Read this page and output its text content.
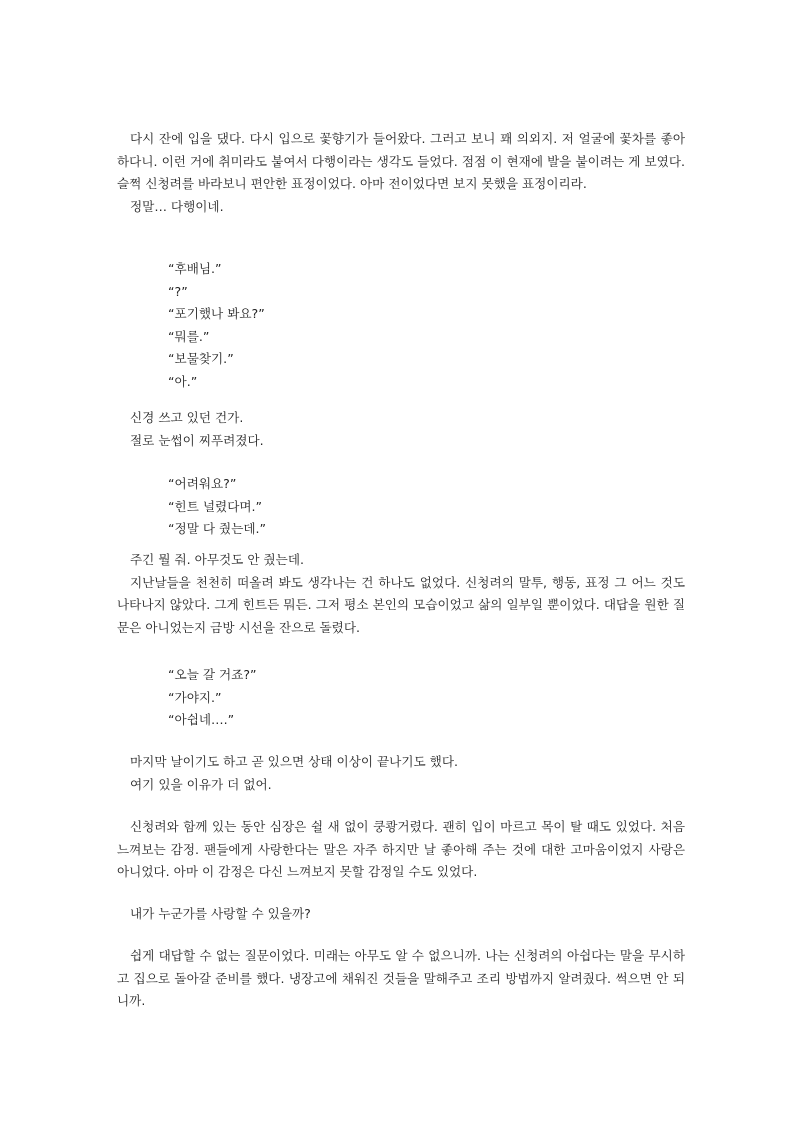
다시 잔에 입을 댔다. 다시 입으로 꽃향기가 들어왔다. 그러고 보니 꽤 의외지. 저 얼굴에 꽃차를 좋아하다니. 이런 거에 취미라도 붙여서 다행이라는 생각도 들었다. 점점 이 현재에 발을 붙이려는 게 보였다. 슬쩍 신청려를 바라보니 편안한 표정이었다. 아마 전이었다면 보지 못했을 표정이리라.

정말… 다행이네.

“후배님.”

“?”

“포기했나 봐요?”

“뭐를.”

“보물찾기.”

“아.”

신경 쓰고 있던 건가.

절로 눈썹이 찌푸려졌다.

“어려워요?”

“힌트 널렸다며.”

“정말 다 줬는데.”

주긴 뭘 줘. 아무것도 안 줬는데.

지난날들을 천천히 떠올려 봐도 생각나는 건 하나도 없었다. 신청려의 말투, 행동, 표정 그 어느 것도 나타나지 않았다. 그게 힌트든 뭐든. 그저 평소 본인의 모습이었고 삶의 일부일 뿐이었다. 대답을 원한 질문은 아니었는지 금방 시선을 잔으로 돌렸다.

“오늘 갈 거죠?”

“가야지.”

“아쉽네….”

마지막 날이기도 하고 곧 있으면 상태 이상이 끝나기도 했다.

여기 있을 이유가 더 없어.

신청려와 함께 있는 동안 심장은 쉴 새 없이 쿵쾅거렸다. 괜히 입이 마르고 목이 탈 때도 있었다. 처음 느껴보는 감정. 팬들에게 사랑한다는 말은 자주 하지만 날 좋아해 주는 것에 대한 고마움이었지 사랑은 아니었다. 아마 이 감정은 다신 느껴보지 못할 감정일 수도 있었다.

내가 누군가를 사랑할 수 있을까?

쉽게 대답할 수 없는 질문이었다. 미래는 아무도 알 수 없으니까. 나는 신청려의 아쉽다는 말을 무시하고 집으로 돌아갈 준비를 했다. 냉장고에 채워진 것들을 말해주고 조리 방법까지 알려줬다. 썩으면 안 되니까.
